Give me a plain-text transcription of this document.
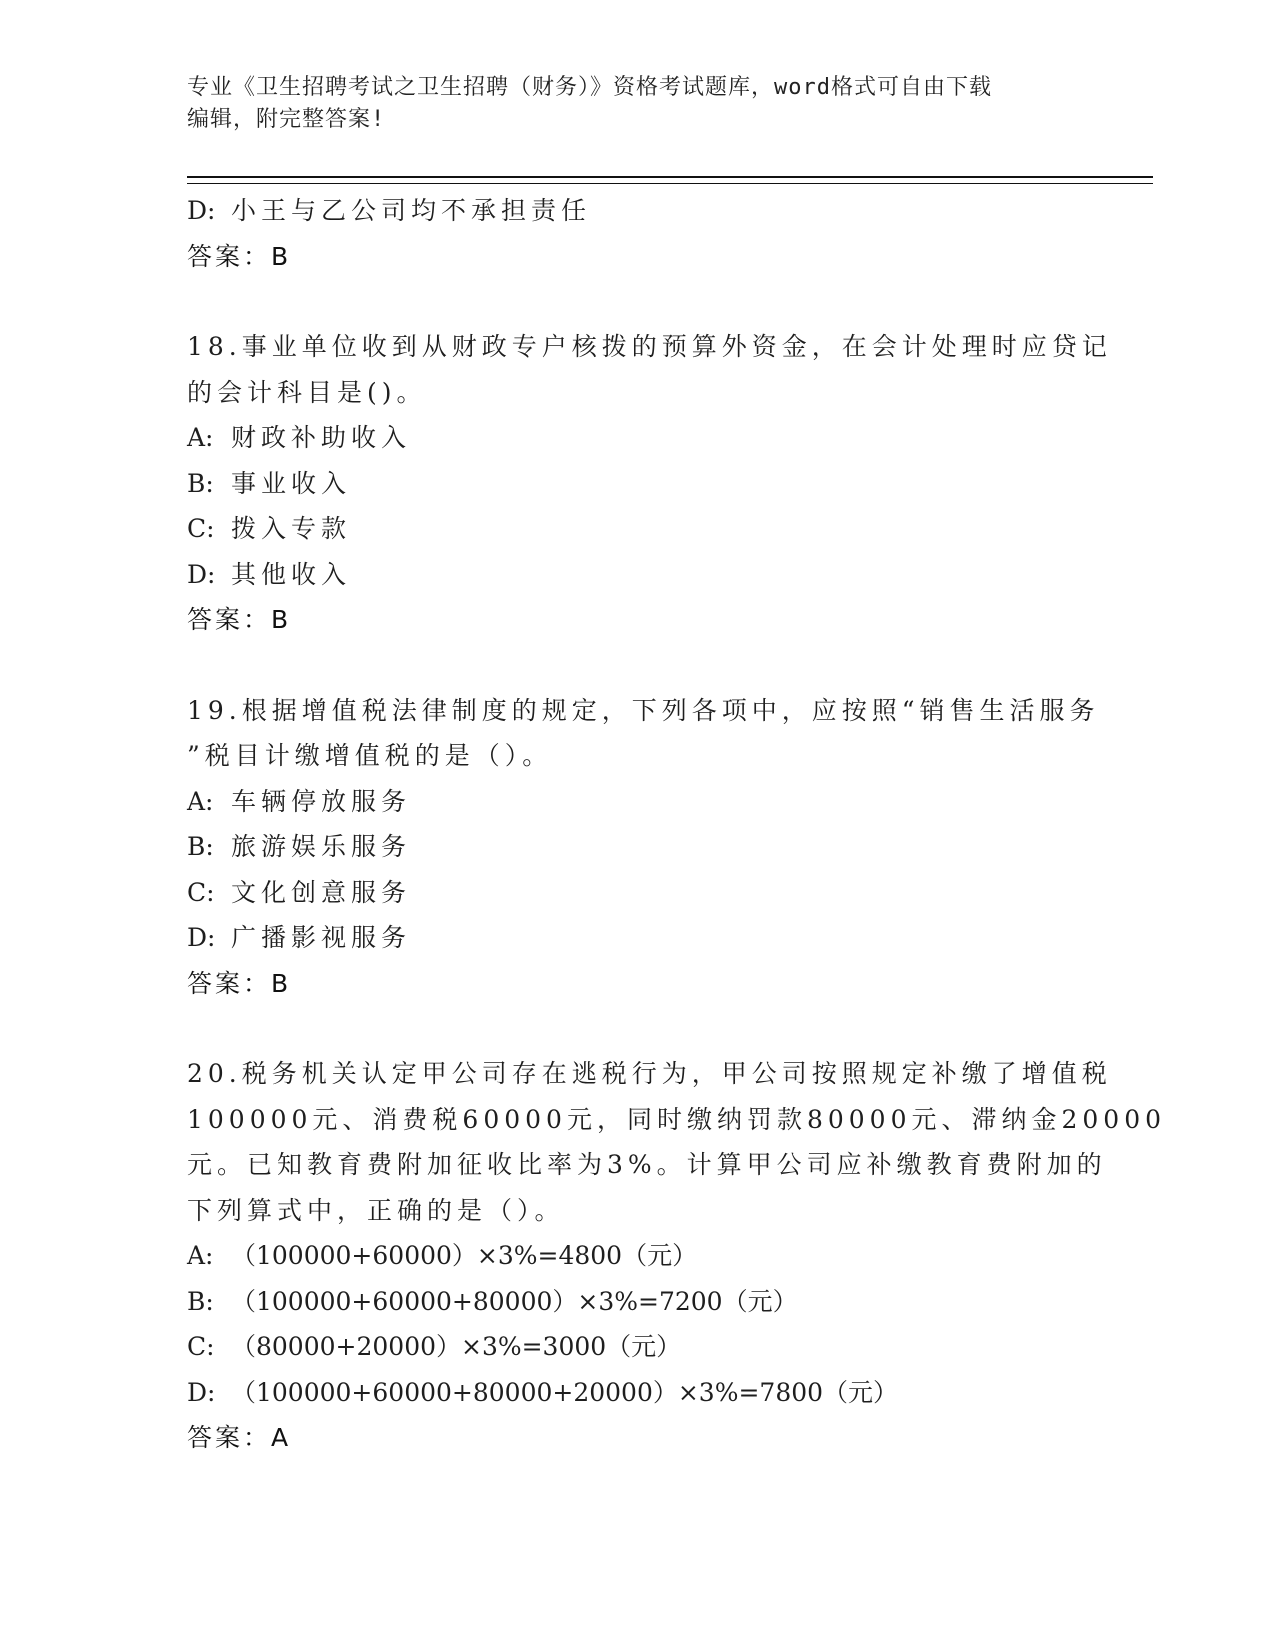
专业《卫生招聘考试之卫生招聘（财务）》资格考试题库，word格式可自由下载
编辑，附完整答案!
D: 小王与乙公司均不承担责任
答案：B
18.事业单位收到从财政专户核拨的预算外资金，在会计处理时应贷记
的会计科目是()。
A: 财政补助收入
B: 事业收入
C: 拨入专款
D: 其他收入
答案：B
19.根据增值税法律制度的规定，下列各项中，应按照“销售生活服务
”税目计缴增值税的是（）。
A: 车辆停放服务
B: 旅游娱乐服务
C: 文化创意服务
D: 广播影视服务
答案：B
20.税务机关认定甲公司存在逃税行为，甲公司按照规定补缴了增值税
100000元、消费税60000元，同时缴纳罚款80000元、滞纳金20000
元。已知教育费附加征收比率为3%。计算甲公司应补缴教育费附加的
下列算式中，正确的是（）。
A: （100000+60000）×3%=4800（元）
B: （100000+60000+80000）×3%=7200（元）
C: （80000+20000）×3%=3000（元）
D: （100000+60000+80000+20000）×3%=7800（元）
答案：A
